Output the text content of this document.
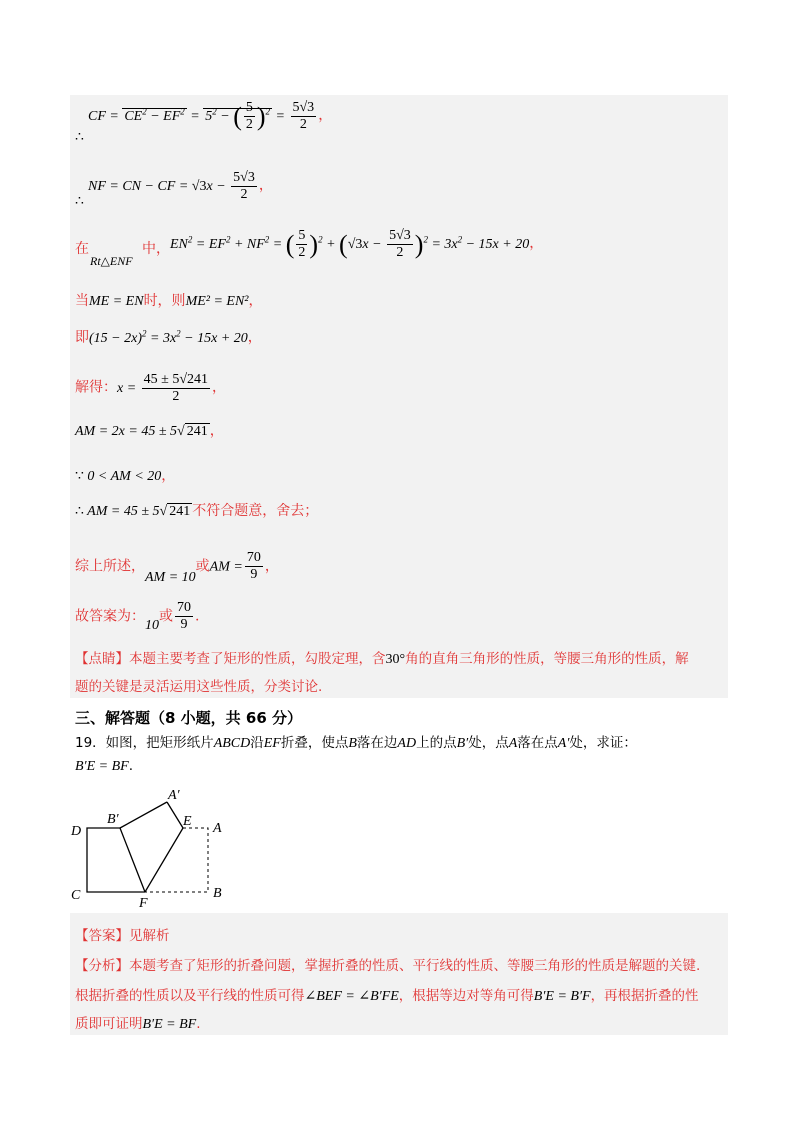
CF = $CE^2 - EF^2 = 5^2$ − ( $\frac{5}{2} )^2 = \frac{5√3}{2}$ ，
∴
NF = CN − CF = $√3x - \frac{5√3}{2}$ ，
∴
在
Rt△ENF
中， $EN^2 = EF^2 + NF^2$ = ( $\frac{5}{2} )^2 + (√3x - \frac{5√3}{2} )^2 = 3x^2 - 15x + 20$，
当ME = EN时，则ME² = EN²，
即$(15 - 2x)^2 = 3x^2 - 15x + 20$，
解得：$x = \frac{45 \pm 5√241}{2}$ ，
AM = 2x = 45 ± 5√ 241 ，
∵ 0 < AM < 20，
∴ AM = 45 ± 5√ 241 不符合题意，舍去；
综上所述，AM = 10或AM = $\frac{70}{9}$ ，
故答案为：10或 $\frac{70}{9}$ .
【点睛】本题主要考查了矩形的性质，勾股定理，含30°角的直角三角形的性质，等腰三角形的性质，解
题的关键是灵活运用这些性质，分类讨论.
三、解答题（8 小题，共 66 分）
19．如图，把矩形纸片ABCD沿EF折叠，使点B落在边AD上的点B′处，点A落在点A′处，求证：
B′E = BF.
D
B′
A′
E A
C
F
B
【答案】见解析
【分析】本题考查了矩形的折叠问题，掌握折叠的性质、平行线的性质、等腰三角形的性质是解题的关键.
根据折叠的性质以及平行线的性质可得∠BEF = ∠B′FE，根据等边对等角可得B′E = B′F，再根据折叠的性
质即可证明B′E = BF.
